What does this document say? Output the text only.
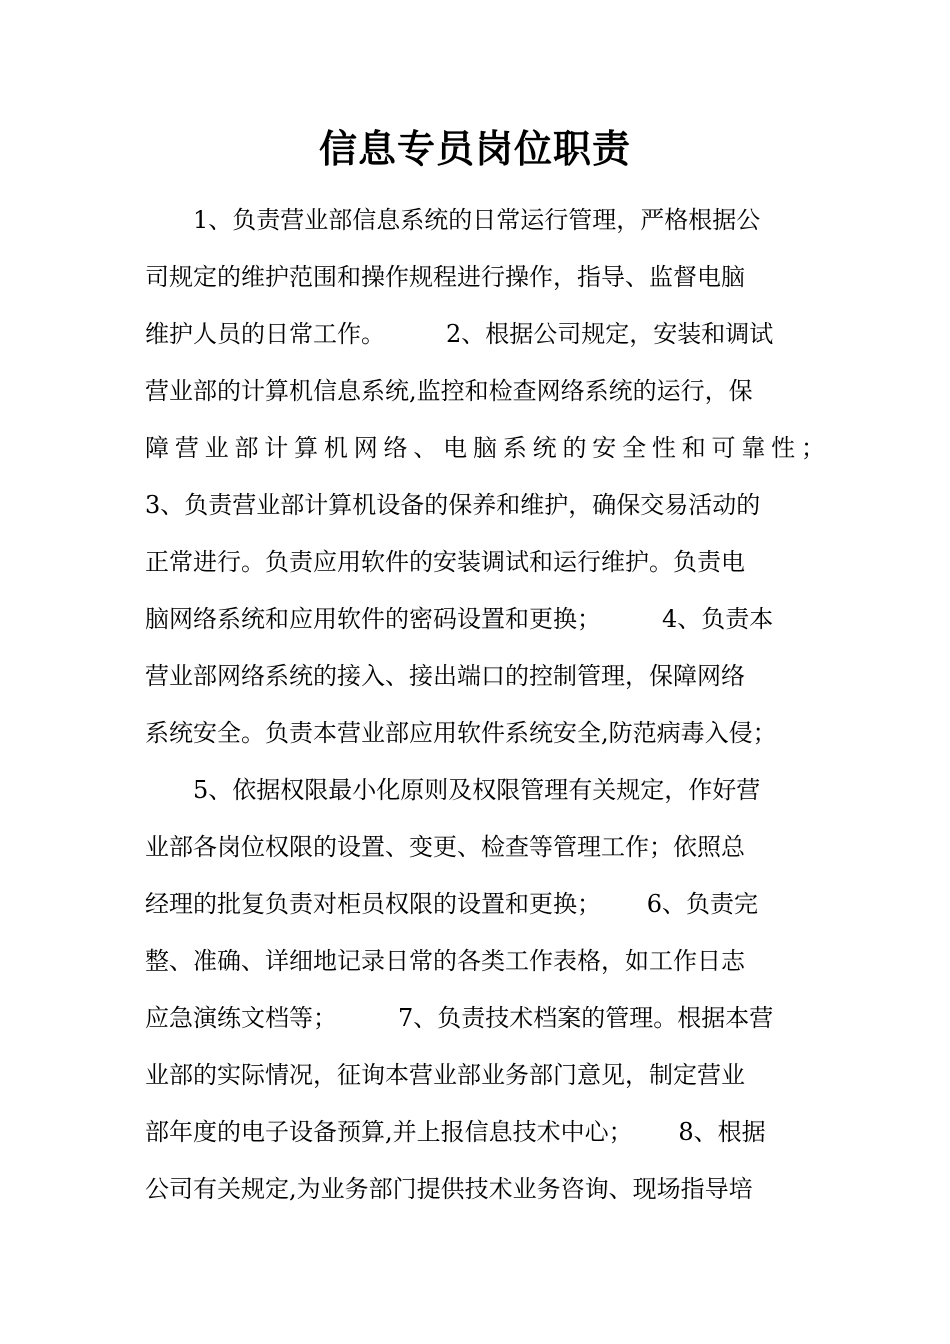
信息专员岗位职责
1、负责营业部信息系统的日常运行管理，严格根据公
司规定的维护范围和操作规程进行操作，指导、监督电脑
维护人员的日常工作。        2、根据公司规定，安装和调试
营业部的计算机信息系统,监控和检查网络系统的运行，保
障营业部计算机网络、电脑系统的安全性和可靠性；
3、负责营业部计算机设备的保养和维护，确保交易活动的
正常进行。负责应用软件的安装调试和运行维护。负责电
脑网络系统和应用软件的密码设置和更换；        4、负责本
营业部网络系统的接入、接出端口的控制管理，保障网络
系统安全。负责本营业部应用软件系统安全,防范病毒入侵；
5、依据权限最小化原则及权限管理有关规定，作好营
业部各岗位权限的设置、变更、检查等管理工作；依照总
经理的批复负责对柜员权限的设置和更换；      6、负责完
整、准确、详细地记录日常的各类工作表格，如工作日志
应急演练文档等；        7、负责技术档案的管理。根据本营
业部的实际情况，征询本营业部业务部门意见，制定营业
部年度的电子设备预算,并上报信息技术中心；      8、根据
公司有关规定,为业务部门提供技术业务咨询、现场指导培
